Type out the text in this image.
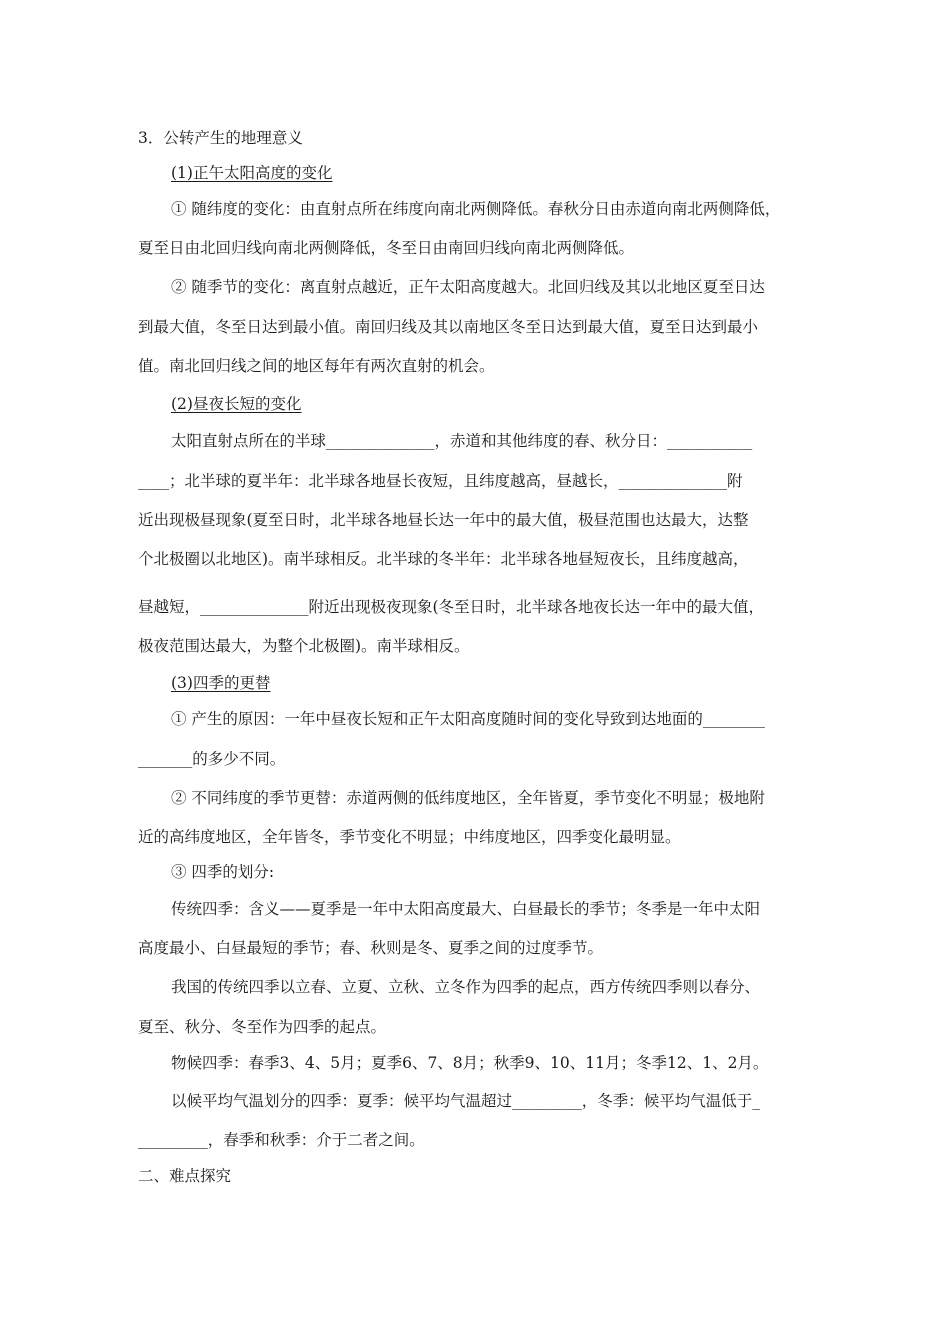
3．公转产生的地理意义
(1)正午太阳高度的变化
① 随纬度的变化：由直射点所在纬度向南北两侧降低。春秋分日由赤道向南北两侧降低，
夏至日由北回归线向南北两侧降低，冬至日由南回归线向南北两侧降低。
② 随季节的变化：离直射点越近，正午太阳高度越大。北回归线及其以北地区夏至日达
到最大值，冬至日达到最小值。南回归线及其以南地区冬至日达到最大值，夏至日达到最小
值。南北回归线之间的地区每年有两次直射的机会。
(2)昼夜长短的变化
太阳直射点所在的半球______________，赤道和其他纬度的春、秋分日：___________
____；北半球的夏半年：北半球各地昼长夜短，且纬度越高，昼越长，______________附
近出现极昼现象(夏至日时，北半球各地昼长达一年中的最大值，极昼范围也达最大，达整
个北极圈以北地区)。南半球相反。北半球的冬半年：北半球各地昼短夜长，且纬度越高，
昼越短，______________附近出现极夜现象(冬至日时，北半球各地夜长达一年中的最大值，
极夜范围达最大，为整个北极圈)。南半球相反。
(3)四季的更替
① 产生的原因：一年中昼夜长短和正午太阳高度随时间的变化导致到达地面的________
_______的多少不同。
② 不同纬度的季节更替：赤道两侧的低纬度地区，全年皆夏，季节变化不明显；极地附
近的高纬度地区，全年皆冬，季节变化不明显；中纬度地区，四季变化最明显。
③ 四季的划分:
传统四季：含义——夏季是一年中太阳高度最大、白昼最长的季节；冬季是一年中太阳
高度最小、白昼最短的季节；春、秋则是冬、夏季之间的过度季节。
我国的传统四季以立春、立夏、立秋、立冬作为四季的起点，西方传统四季则以春分、
夏至、秋分、冬至作为四季的起点。
物候四季：春季3、4、5月；夏季6、7、8月；秋季9、10、11月；冬季12、1、2月。
以候平均气温划分的四季：夏季：候平均气温超过_________，冬季：候平均气温低于_
_________，春季和秋季：介于二者之间。
二、难点探究
